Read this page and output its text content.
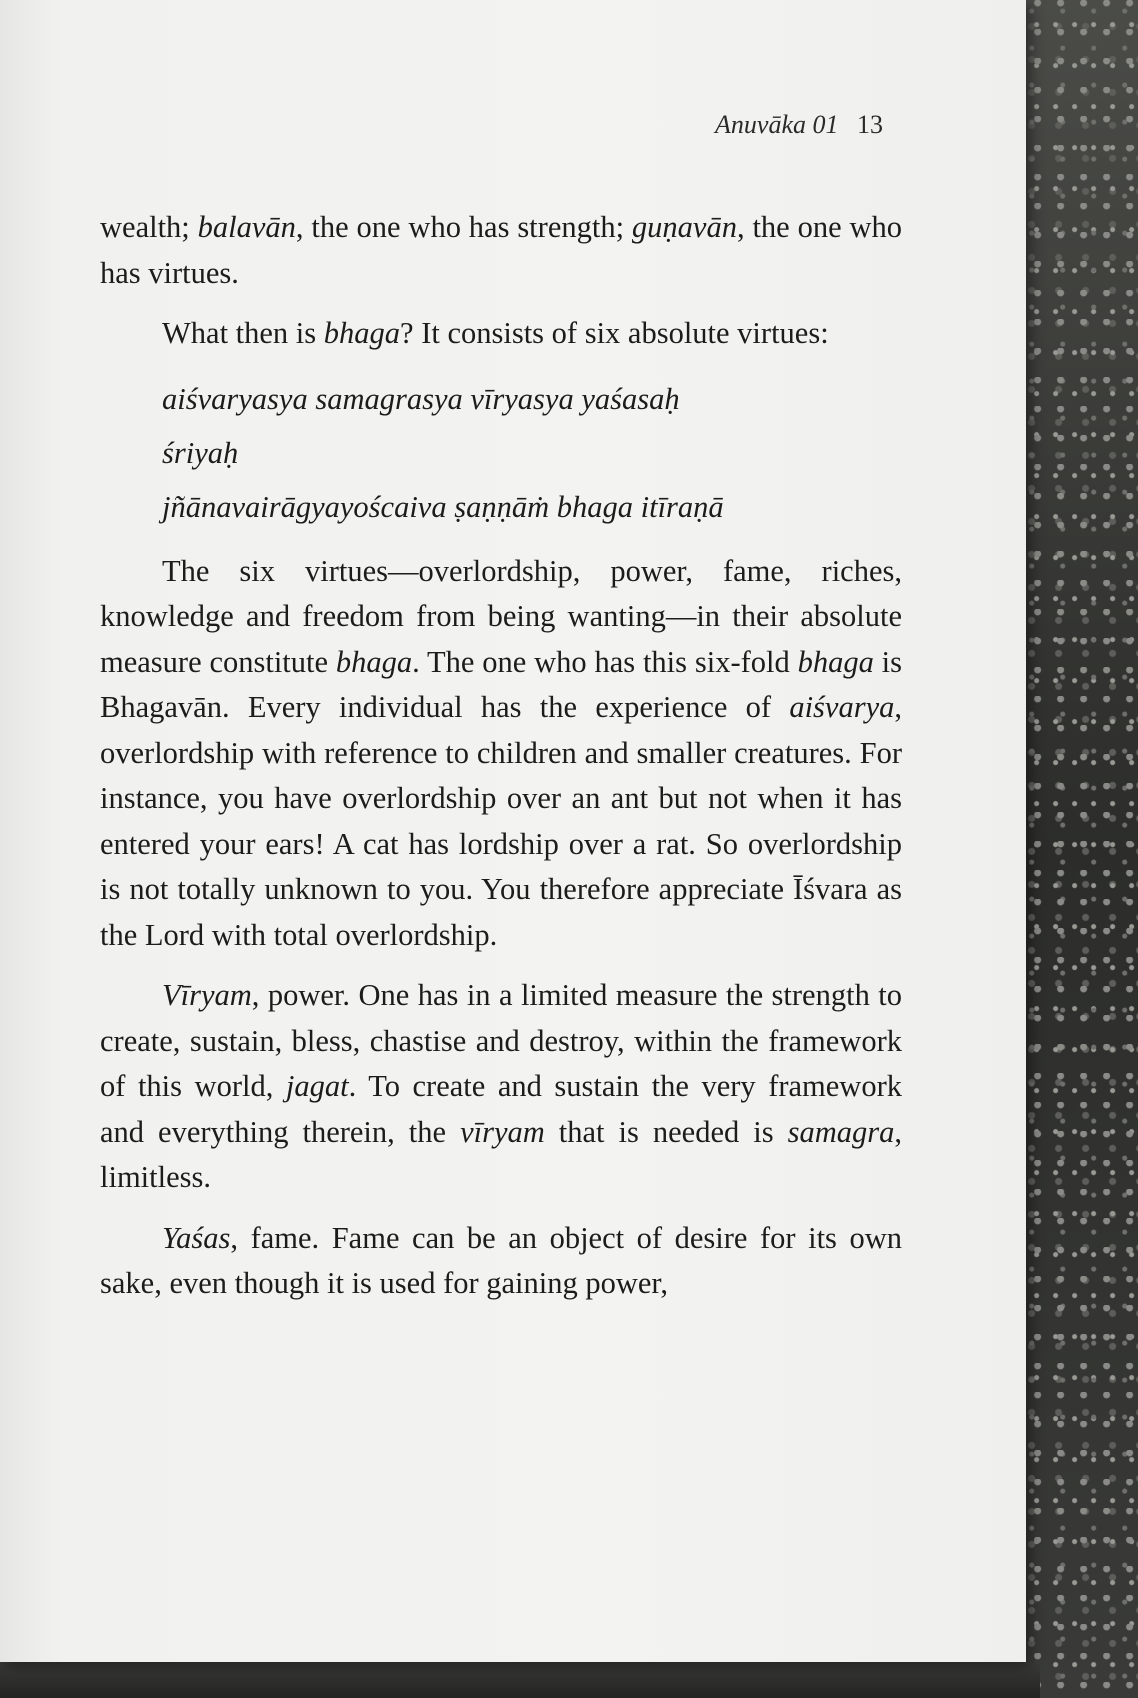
Anuvāka 01 13

wealth; balavān, the one who has strength; guṇavān, the one who has virtues.

What then is bhaga? It consists of six absolute virtues:

aiśvaryasya samagrasya vīryasya yaśasaḥ
śriyaḥ
jñānavairāgyayoścaiva ṣaṇṇāṁ bhaga itīraṇā

The six virtues—overlordship, power, fame, riches, knowledge and freedom from being wanting—in their absolute measure constitute bhaga. The one who has this six-fold bhaga is Bhagavān. Every individual has the experience of aiśvarya, overlordship with reference to children and smaller creatures. For instance, you have overlordship over an ant but not when it has entered your ears! A cat has lordship over a rat. So overlordship is not totally unknown to you. You therefore appreciate Īśvara as the Lord with total overlordship.

Vīryam, power. One has in a limited measure the strength to create, sustain, bless, chastise and destroy, within the framework of this world, jagat. To create and sustain the very framework and everything therein, the vīryam that is needed is samagra, limitless.

Yaśas, fame. Fame can be an object of desire for its own sake, even though it is used for gaining power,
